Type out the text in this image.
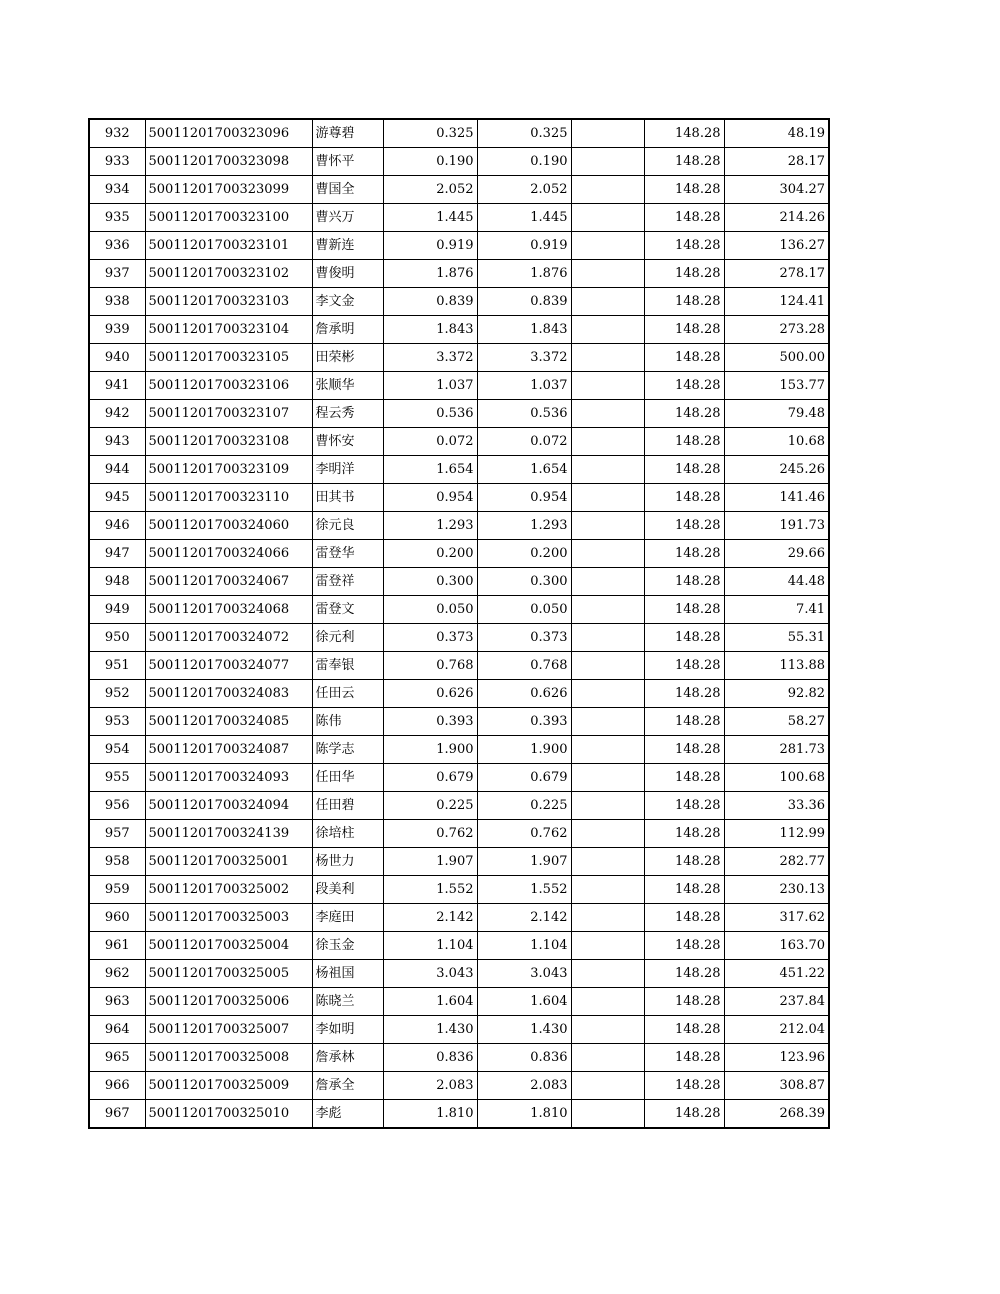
932	50011201700323096	游尊碧	0.325	0.325		148.28	48.19
933	50011201700323098	曹怀平	0.190	0.190		148.28	28.17
934	50011201700323099	曹国全	2.052	2.052		148.28	304.27
935	50011201700323100	曹兴万	1.445	1.445		148.28	214.26
936	50011201700323101	曹新连	0.919	0.919		148.28	136.27
937	50011201700323102	曹俊明	1.876	1.876		148.28	278.17
938	50011201700323103	李文金	0.839	0.839		148.28	124.41
939	50011201700323104	詹承明	1.843	1.843		148.28	273.28
940	50011201700323105	田荣彬	3.372	3.372		148.28	500.00
941	50011201700323106	张顺华	1.037	1.037		148.28	153.77
942	50011201700323107	程云秀	0.536	0.536		148.28	79.48
943	50011201700323108	曹怀安	0.072	0.072		148.28	10.68
944	50011201700323109	李明洋	1.654	1.654		148.28	245.26
945	50011201700323110	田其书	0.954	0.954		148.28	141.46
946	50011201700324060	徐元良	1.293	1.293		148.28	191.73
947	50011201700324066	雷登华	0.200	0.200		148.28	29.66
948	50011201700324067	雷登祥	0.300	0.300		148.28	44.48
949	50011201700324068	雷登文	0.050	0.050		148.28	7.41
950	50011201700324072	徐元利	0.373	0.373		148.28	55.31
951	50011201700324077	雷奉银	0.768	0.768		148.28	113.88
952	50011201700324083	任田云	0.626	0.626		148.28	92.82
953	50011201700324085	陈伟	0.393	0.393		148.28	58.27
954	50011201700324087	陈学志	1.900	1.900		148.28	281.73
955	50011201700324093	任田华	0.679	0.679		148.28	100.68
956	50011201700324094	任田碧	0.225	0.225		148.28	33.36
957	50011201700324139	徐培柱	0.762	0.762		148.28	112.99
958	50011201700325001	杨世力	1.907	1.907		148.28	282.77
959	50011201700325002	段美利	1.552	1.552		148.28	230.13
960	50011201700325003	李庭田	2.142	2.142		148.28	317.62
961	50011201700325004	徐玉金	1.104	1.104		148.28	163.70
962	50011201700325005	杨祖国	3.043	3.043		148.28	451.22
963	50011201700325006	陈晓兰	1.604	1.604		148.28	237.84
964	50011201700325007	李如明	1.430	1.430		148.28	212.04
965	50011201700325008	詹承林	0.836	0.836		148.28	123.96
966	50011201700325009	詹承全	2.083	2.083		148.28	308.87
967	50011201700325010	李彪	1.810	1.810		148.28	268.39
